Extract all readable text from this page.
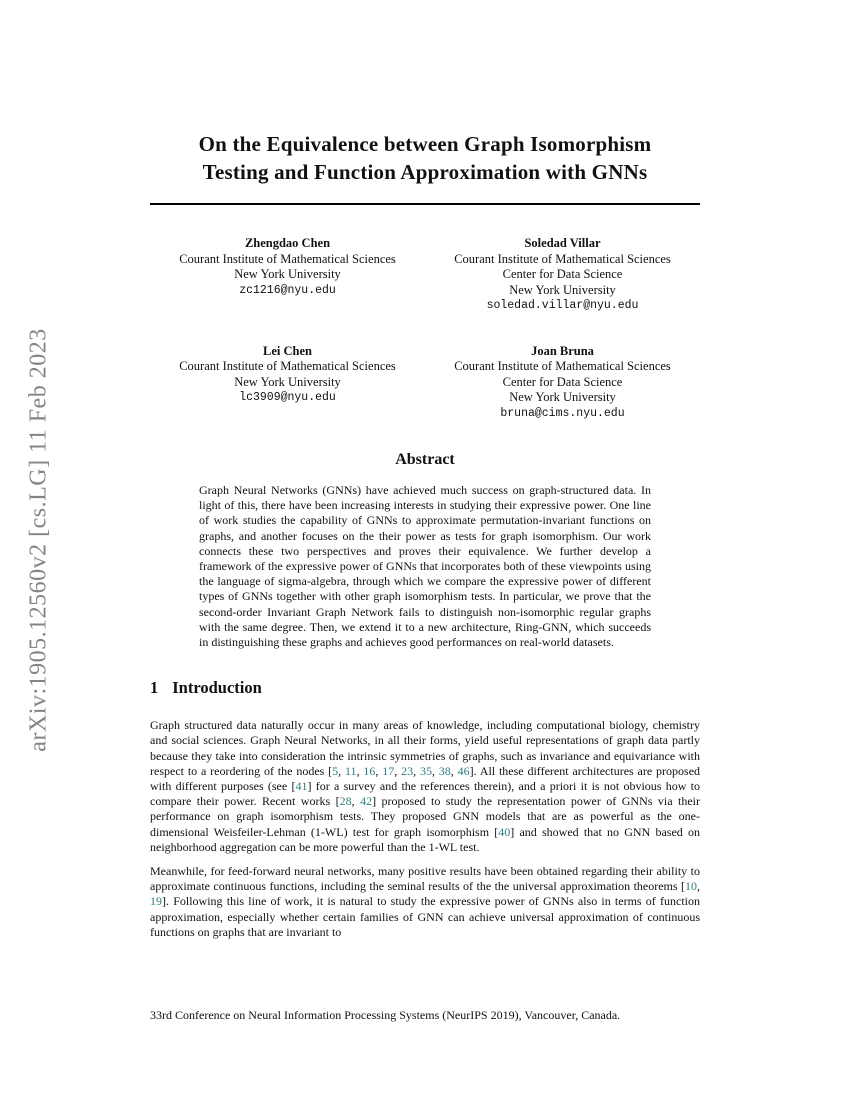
arXiv:1905.12560v2 [cs.LG] 11 Feb 2023
On the Equivalence between Graph Isomorphism
Testing and Function Approximation with GNNs
Zhengdao Chen
Courant Institute of Mathematical Sciences
New York University
zc1216@nyu.edu
Soledad Villar
Courant Institute of Mathematical Sciences
Center for Data Science
New York University
soledad.villar@nyu.edu
Lei Chen
Courant Institute of Mathematical Sciences
New York University
lc3909@nyu.edu
Joan Bruna
Courant Institute of Mathematical Sciences
Center for Data Science
New York University
bruna@cims.nyu.edu
Abstract

Graph Neural Networks (GNNs) have achieved much success on graph-structured data. In light of this, there have been increasing interests in studying their expressive power. One line of work studies the capability of GNNs to approximate permutation-invariant functions on graphs, and another focuses on the their power as tests for graph isomorphism. Our work connects these two perspectives and proves their equivalence. We further develop a framework of the expressive power of GNNs that incorporates both of these viewpoints using the language of sigma-algebra, through which we compare the expressive power of different types of GNNs together with other graph isomorphism tests. In particular, we prove that the second-order Invariant Graph Network fails to distinguish non-isomorphic regular graphs with the same degree. Then, we extend it to a new architecture, Ring-GNN, which succeeds in distinguishing these graphs and achieves good performances on real-world datasets.

1 Introduction

Graph structured data naturally occur in many areas of knowledge, including computational biology, chemistry and social sciences. Graph Neural Networks, in all their forms, yield useful representations of graph data partly because they take into consideration the intrinsic symmetries of graphs, such as invariance and equivariance with respect to a reordering of the nodes [5, 11, 16, 17, 23, 35, 38, 46]. All these different architectures are proposed with different purposes (see [41] for a survey and the references therein), and a priori it is not obvious how to compare their power. Recent works [28, 42] proposed to study the representation power of GNNs via their performance on graph isomorphism tests. They proposed GNN models that are as powerful as the one-dimensional Weisfeiler-Lehman (1-WL) test for graph isomorphism [40] and showed that no GNN based on neighborhood aggregation can be more powerful than the 1-WL test.

Meanwhile, for feed-forward neural networks, many positive results have been obtained regarding their ability to approximate continuous functions, including the seminal results of the the universal approximation theorems [10, 19]. Following this line of work, it is natural to study the expressive power of GNNs also in terms of function approximation, especially whether certain families of GNN can achieve universal approximation of continuous functions on graphs that are invariant to

33rd Conference on Neural Information Processing Systems (NeurIPS 2019), Vancouver, Canada.
